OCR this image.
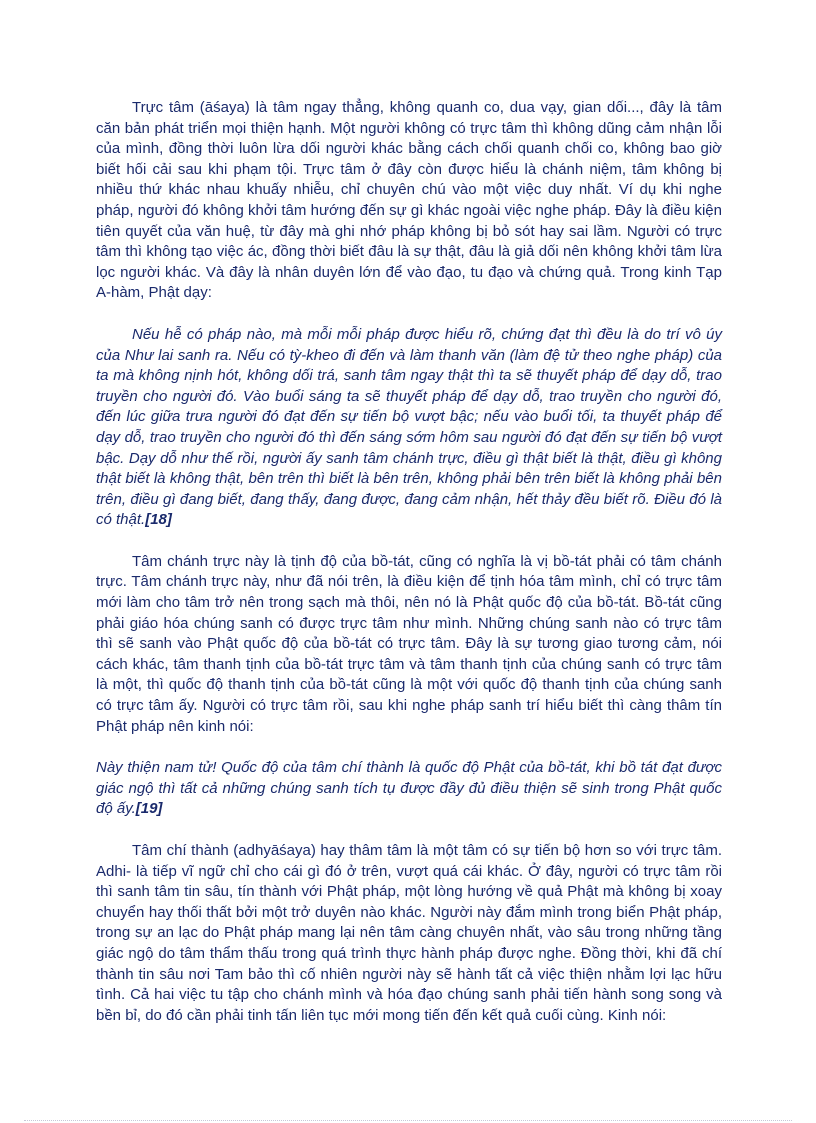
Trực tâm (āśaya) là tâm ngay thẳng, không quanh co, dua vạy, gian dối..., đây là tâm căn bản phát triển mọi thiện hạnh. Một người không có trực tâm thì không dũng cảm nhận lỗi của mình, đồng thời luôn lừa dối người khác bằng cách chối quanh chối co, không bao giờ biết hối cải sau khi phạm tội. Trực tâm ở đây còn được hiểu là chánh niệm, tâm không bị nhiều thứ khác nhau khuấy nhiễu, chỉ chuyên chú vào một việc duy nhất. Ví dụ khi nghe pháp, người đó không khởi tâm hướng đến sự gì khác ngoài việc nghe pháp. Đây là điều kiện tiên quyết của văn huệ, từ đây mà ghi nhớ pháp không bị bỏ sót hay sai lầm. Người có trực tâm thì không tạo việc ác, đồng thời biết đâu là sự thật, đâu là giả dối nên không khởi tâm lừa lọc người khác. Và đây là nhân duyên lớn để vào đạo, tu đạo và chứng quả. Trong kinh Tạp A-hàm, Phật dạy:

Nếu hễ có pháp nào, mà mỗi mỗi pháp được hiểu rõ, chứng đạt thì đều là do trí vô úy của Như lai sanh ra. Nếu có tỳ-kheo đi đến và làm thanh văn (làm đệ tử theo nghe pháp) của ta mà không nịnh hót, không dối trá, sanh tâm ngay thật thì ta sẽ thuyết pháp để dạy dỗ, trao truyền cho người đó. Vào buổi sáng ta sẽ thuyết pháp để dạy dỗ, trao truyền cho người đó, đến lúc giữa trưa người đó đạt đến sự tiến bộ vượt bậc; nếu vào buổi tối, ta thuyết pháp để dạy dỗ, trao truyền cho người đó thì đến sáng sớm hôm sau người đó đạt đến sự tiến bộ vượt bậc. Dạy dỗ như thế rồi, người ấy sanh tâm chánh trực, điều gì thật biết là thật, điều gì không thật biết là không thật, bên trên thì biết là bên trên, không phải bên trên biết là không phải bên trên, điều gì đang biết, đang thấy, đang được, đang cảm nhận, hết thảy đều biết rõ. Điều đó là có thật.[18]

Tâm chánh trực này là tịnh độ của bồ-tát, cũng có nghĩa là vị bồ-tát phải có tâm chánh trực. Tâm chánh trực này, như đã nói trên, là điều kiện để tịnh hóa tâm mình, chỉ có trực tâm mới làm cho tâm trở nên trong sạch mà thôi, nên nó là Phật quốc độ của bồ-tát. Bồ-tát cũng phải giáo hóa chúng sanh có được trực tâm như mình. Những chúng sanh nào có trực tâm thì sẽ sanh vào Phật quốc độ của bồ-tát có trực tâm. Đây là sự tương giao tương cảm, nói cách khác, tâm thanh tịnh của bồ-tát trực tâm và tâm thanh tịnh của chúng sanh có trực tâm là một, thì quốc độ thanh tịnh của bồ-tát cũng là một với quốc độ thanh tịnh của chúng sanh có trực tâm ấy. Người có trực tâm rồi, sau khi nghe pháp sanh trí hiểu biết thì càng thâm tín Phật pháp nên kinh nói:

Này thiện nam tử! Quốc độ của tâm chí thành là quốc độ Phật của bồ-tát, khi bồ tát đạt được giác ngộ thì tất cả những chúng sanh tích tụ được đầy đủ điều thiện sẽ sinh trong Phật quốc độ ấy.[19]

Tâm chí thành (adhyāśaya) hay thâm tâm là một tâm có sự tiến bộ hơn so với trực tâm. Adhi- là tiếp vĩ ngữ chỉ cho cái gì đó ở trên, vượt quá cái khác. Ở đây, người có trực tâm rồi thì sanh tâm tin sâu, tín thành với Phật pháp, một lòng hướng về quả Phật mà không bị xoay chuyển hay thối thất bởi một trở duyên nào khác. Người này đắm mình trong biển Phật pháp, trong sự an lạc do Phật pháp mang lại nên tâm càng chuyên nhất, vào sâu trong những tầng giác ngộ do tâm thẩm thấu trong quá trình thực hành pháp được nghe. Đồng thời, khi đã chí thành tin sâu nơi Tam bảo thì cố nhiên người này sẽ hành tất cả việc thiện nhằm lợi lạc hữu tình. Cả hai việc tu tập cho chánh mình và hóa đạo chúng sanh phải tiến hành song song và bền bỉ, do đó cần phải tinh tấn liên tục mới mong tiến đến kết quả cuối cùng. Kinh nói:
